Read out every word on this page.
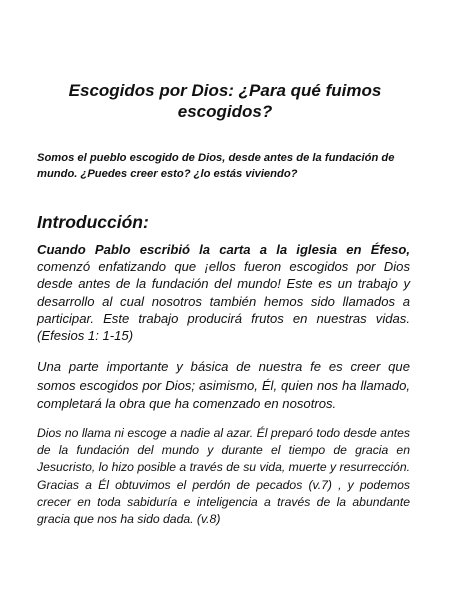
Escogidos por Dios: ¿Para qué fuimos escogidos?
Somos el pueblo escogido de Dios, desde antes de la fundación de mundo. ¿Puedes creer esto? ¿lo estás viviendo?
Introducción:

Cuando Pablo escribió la carta a la iglesia en Éfeso, comenzó enfatizando que ¡ellos fueron escogidos por Dios desde antes de la fundación del mundo! Este es un trabajo y desarrollo al cual nosotros también hemos sido llamados a participar. Este trabajo producirá frutos en nuestras vidas. (Efesios 1: 1-15)

Una parte importante y básica de nuestra fe es creer que somos escogidos por Dios; asimismo, Él, quien nos ha llamado, completará la obra que ha comenzado en nosotros.

Dios no llama ni escoge a nadie al azar. Él preparó todo desde antes de la fundación del mundo y durante el tiempo de gracia en Jesucristo, lo hizo posible a través de su vida, muerte y resurrección. Gracias a Él obtuvimos el perdón de pecados (v.7) , y podemos crecer en toda sabiduría e inteligencia a través de la abundante gracia que nos ha sido dada. (v.8)
